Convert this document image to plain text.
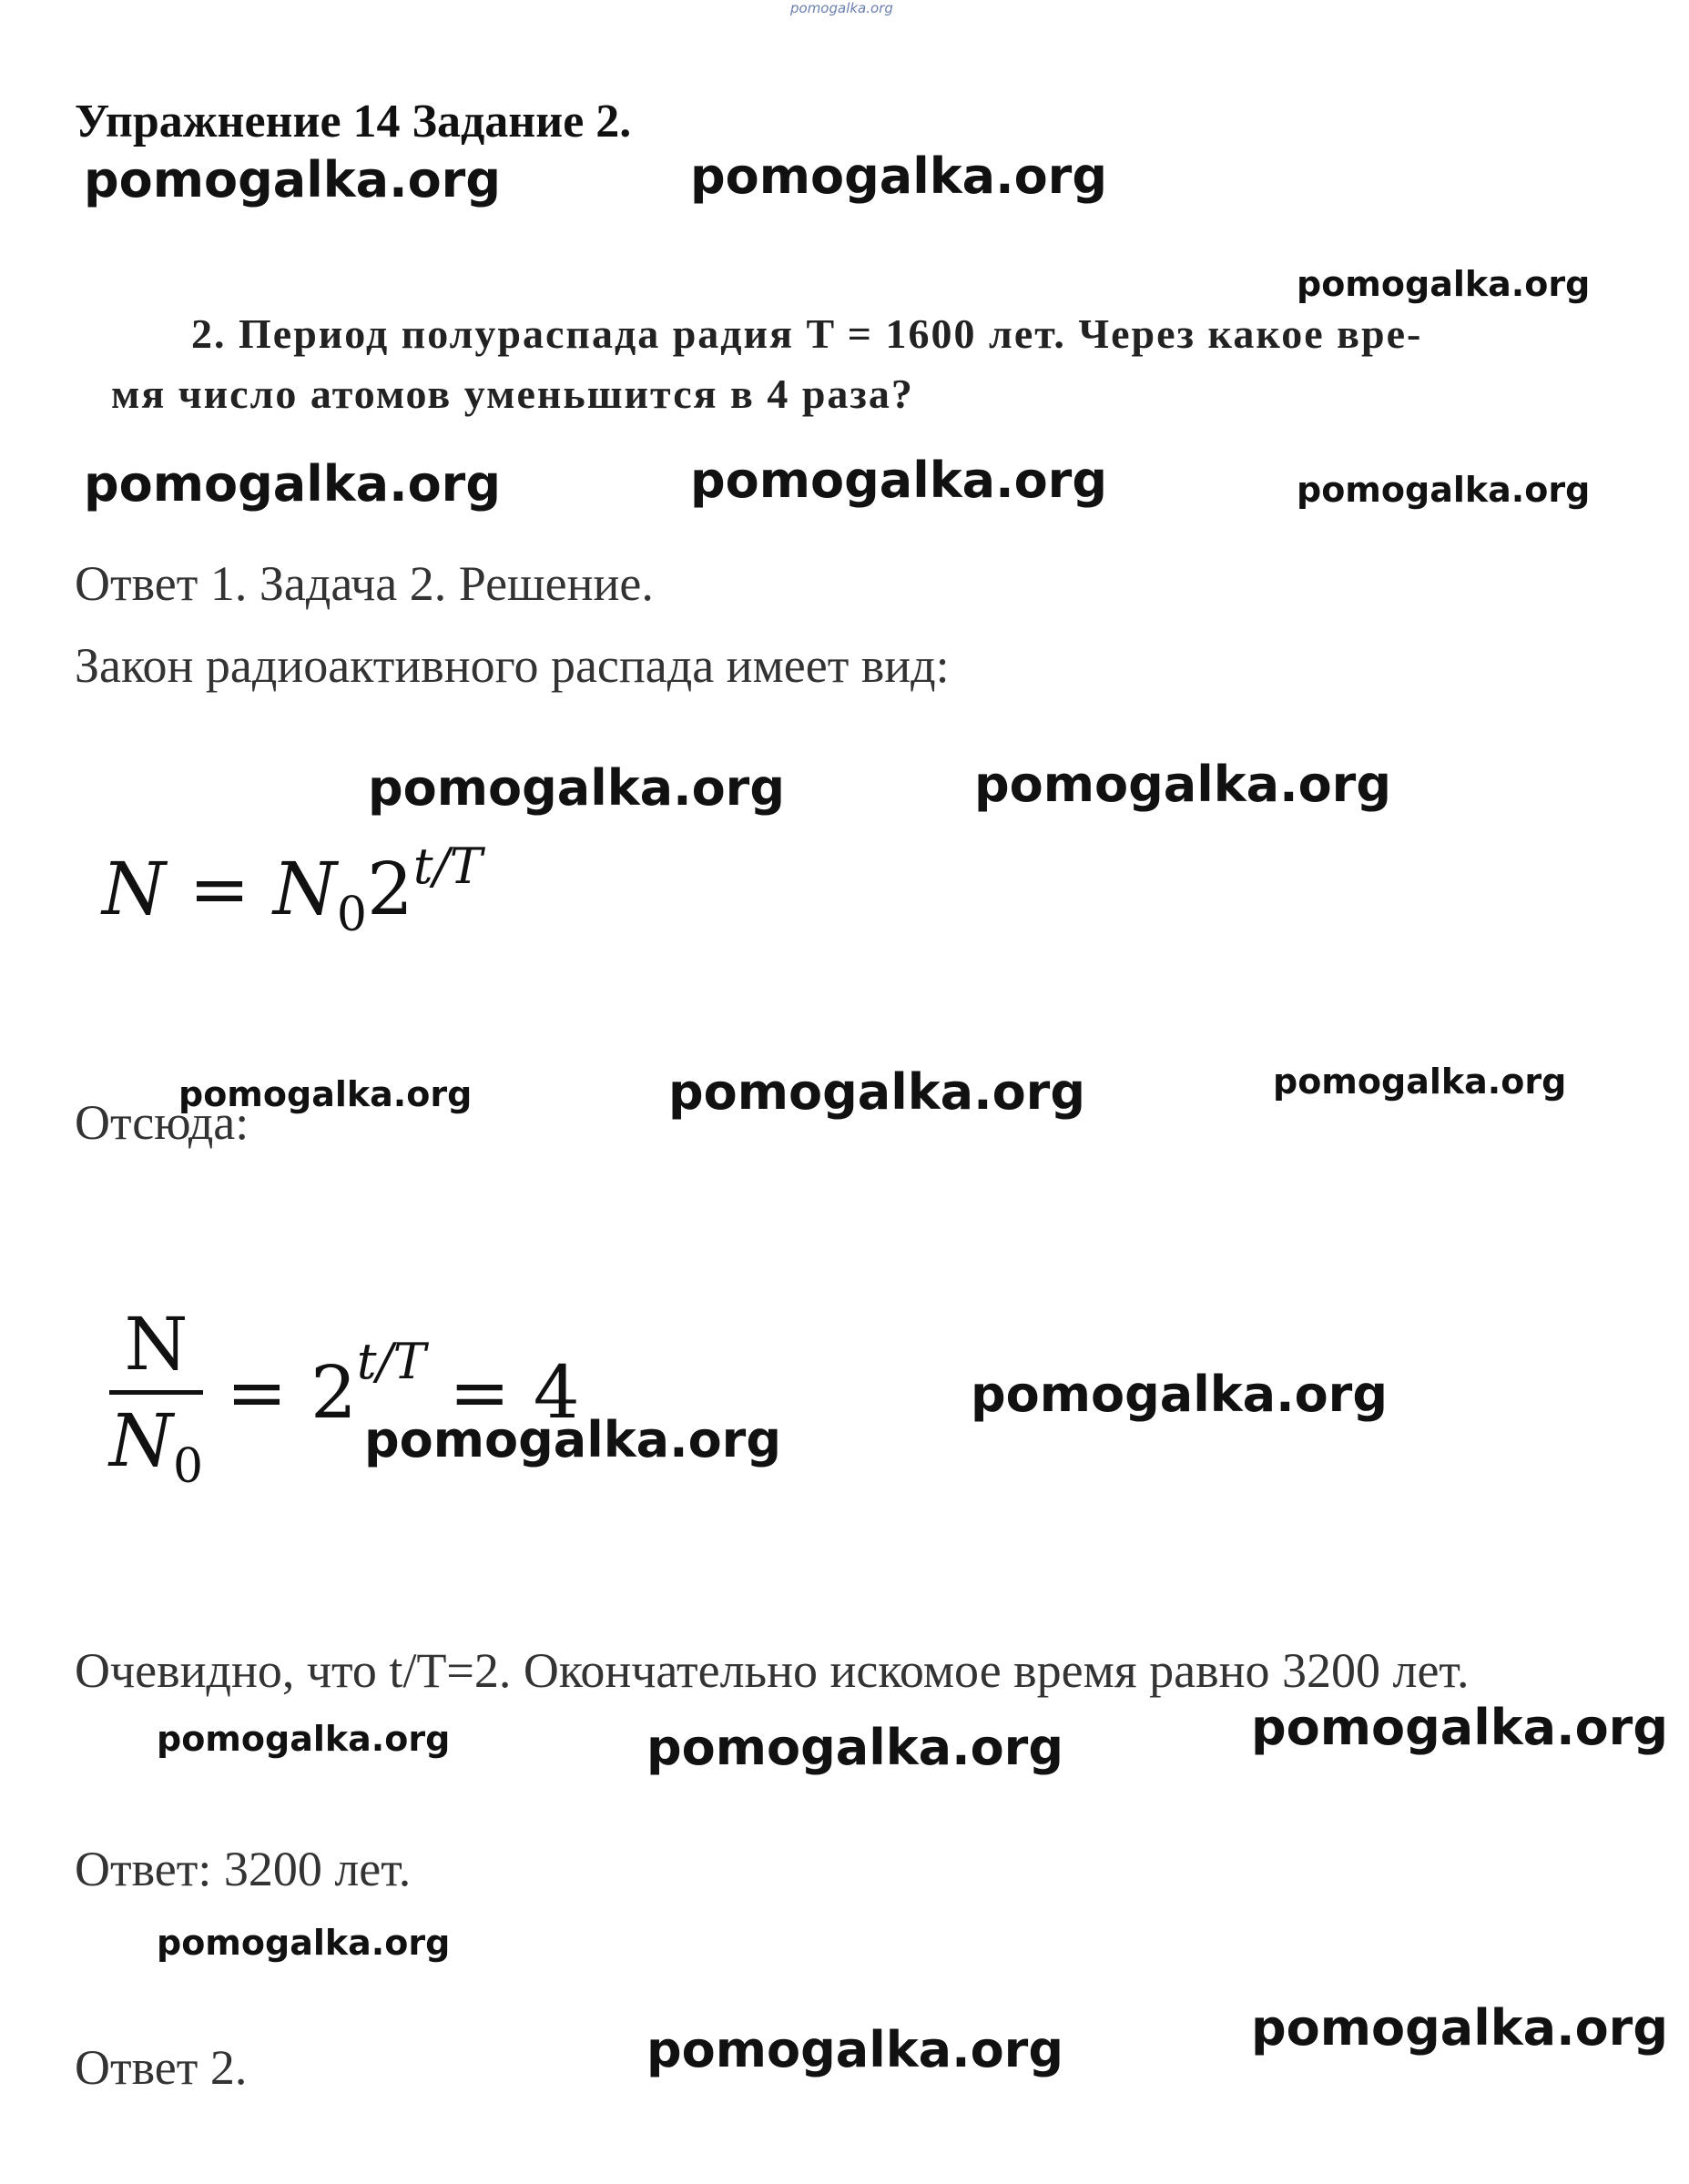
pomogalka.org
Упражнение 14 Задание 2.
pomogalka.org	pomogalka.org
pomogalka.org
2. Период полураспада радия T = 1600 лет. Через какое вре-
мя число атомов уменьшится в 4 раза?
pomogalka.org	pomogalka.org	pomogalka.org
Ответ 1. Задача 2. Решение.
Закон радиоактивного распада имеет вид:
pomogalka.org	pomogalka.org
$N = N_02^{t/T}$
Отсюда:
pomogalka.org	pomogalka.org	pomogalka.org
N
$N_0$
= $2^{t/T} = 4$	pomogalka.org
pomogalka.org
Очевидно, что t/T=2. Окончательно искомое время равно 3200 лет.
pomogalka.org	pomogalka.org	pomogalka.org
Ответ: 3200 лет.
pomogalka.org
Ответ 2.	pomogalka.org	pomogalka.org
